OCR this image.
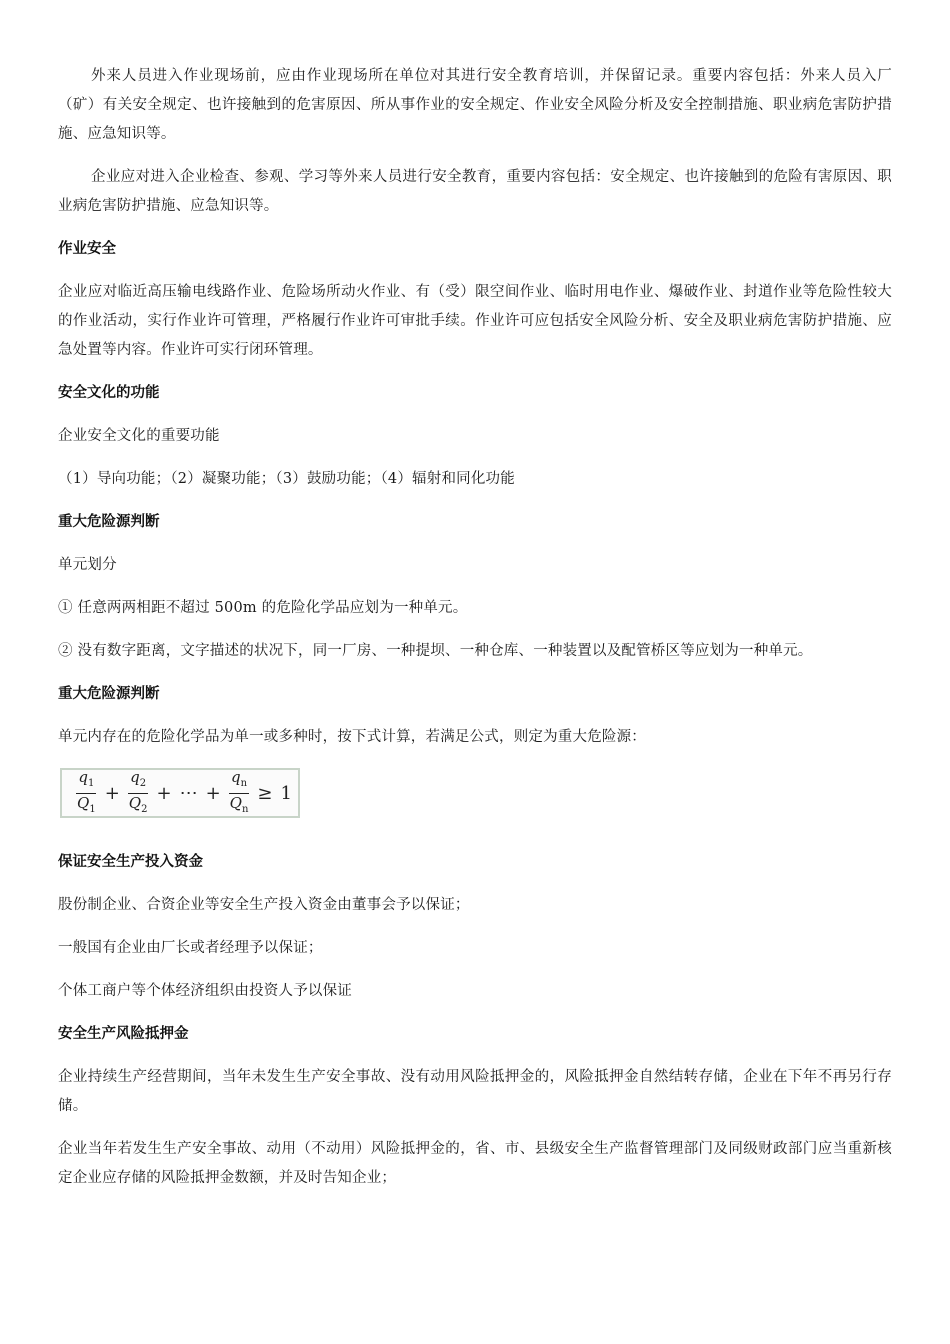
外来人员进入作业现场前，应由作业现场所在单位对其进行安全教育培训，并保留记录。重要内容包括：外来人员入厂（矿）有关安全规定、也许接触到的危害原因、所从事作业的安全规定、作业安全风险分析及安全控制措施、职业病危害防护措施、应急知识等。

企业应对进入企业检查、参观、学习等外来人员进行安全教育，重要内容包括：安全规定、也许接触到的危险有害原因、职业病危害防护措施、应急知识等。

作业安全

企业应对临近高压输电线路作业、危险场所动火作业、有（受）限空间作业、临时用电作业、爆破作业、封道作业等危险性较大的作业活动，实行作业许可管理，严格履行作业许可审批手续。作业许可应包括安全风险分析、安全及职业病危害防护措施、应急处置等内容。作业许可实行闭环管理。

安全文化的功能

企业安全文化的重要功能

（1）导向功能；（2）凝聚功能；（3）鼓励功能；（4）辐射和同化功能

重大危险源判断

单元划分

① 任意两两相距不超过 500m 的危险化学品应划为一种单元。

② 没有数字距离，文字描述的状况下，同一厂房、一种提坝、一种仓库、一种装置以及配管桥区等应划为一种单元。

重大危险源判断

单元内存在的危险化学品为单一或多种时，按下式计算，若满足公式，则定为重大危险源：

$\frac{q_1}{Q_1} + \frac{q_2}{Q_2}$ + ⋯ + $\frac{q_n}{Q_n} \ge 1$
保证安全生产投入资金

股份制企业、合资企业等安全生产投入资金由董事会予以保证；

一般国有企业由厂长或者经理予以保证；

个体工商户等个体经济组织由投资人予以保证

安全生产风险抵押金

企业持续生产经营期间，当年未发生生产安全事故、没有动用风险抵押金的，风险抵押金自然结转存储，企业在下年不再另行存储。

企业当年若发生生产安全事故、动用（不动用）风险抵押金的，省、市、县级安全生产监督管理部门及同级财政部门应当重新核定企业应存储的风险抵押金数额，并及时告知企业；
